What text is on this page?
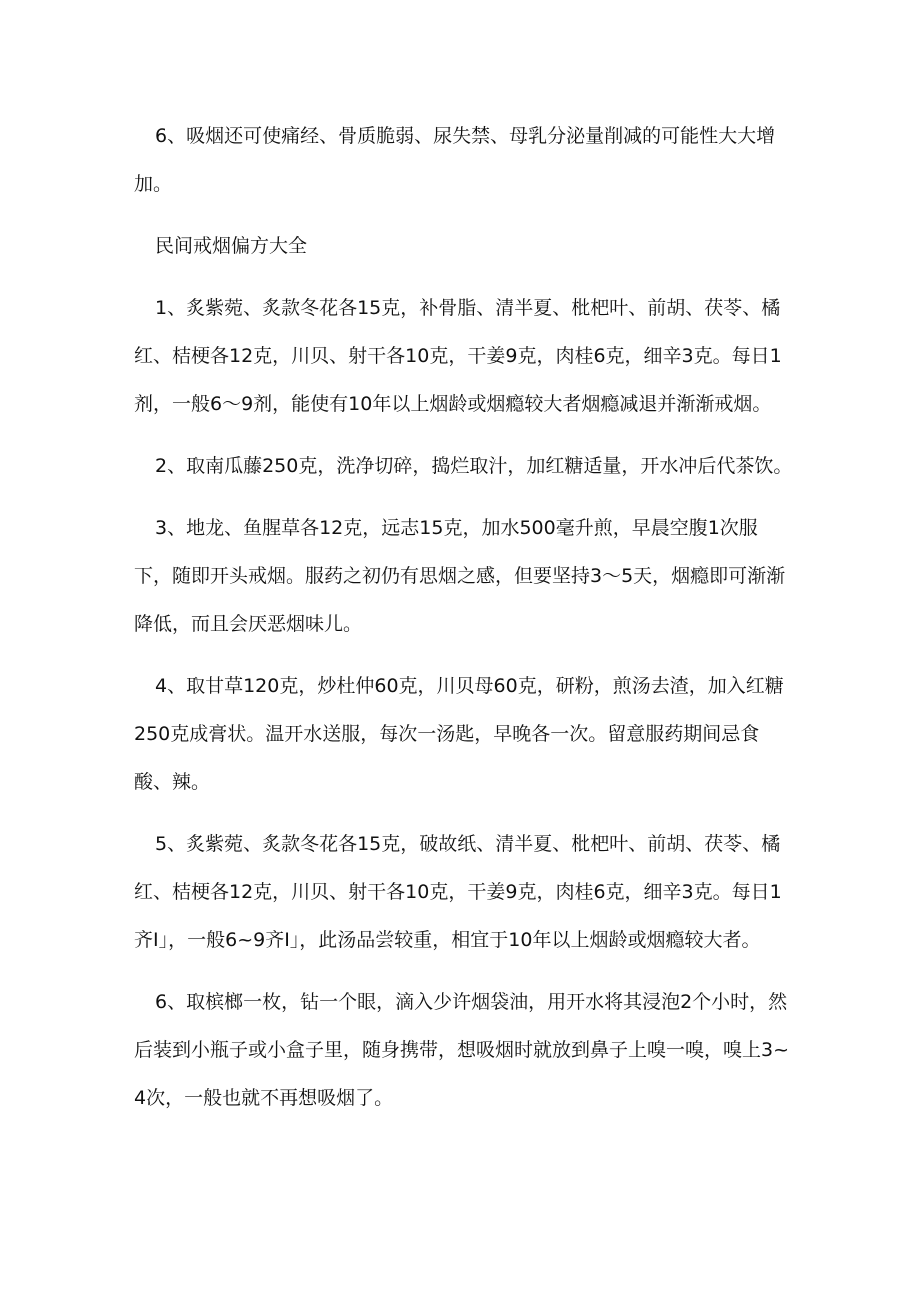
6、吸烟还可使痛经、骨质脆弱、尿失禁、母乳分泌量削减的可能性大大增加。

民间戒烟偏方大全

1、炙紫菀、炙款冬花各15克，补骨脂、清半夏、枇杷叶、前胡、茯苓、橘红、桔梗各12克，川贝、射干各10克，干姜9克，肉桂6克，细辛3克。每日1剂，一般6～9剂，能使有10年以上烟龄或烟瘾较大者烟瘾减退并渐渐戒烟。

2、取南瓜藤250克，洗净切碎，捣烂取汁，加红糖适量，开水冲后代茶饮。

3、地龙、鱼腥草各12克，远志15克，加水500毫升煎，早晨空腹1次服下，随即开头戒烟。服药之初仍有思烟之感，但要坚持3～5天，烟瘾即可渐渐降低，而且会厌恶烟味儿。

4、取甘草120克，炒杜仲60克，川贝母60克，研粉，煎汤去渣，加入红糖250克成膏状。温开水送服，每次一汤匙，早晚各一次。留意服药期间忌食酸、辣。

5、炙紫菀、炙款冬花各15克，破故纸、清半夏、枇杷叶、前胡、茯苓、橘红、桔梗各12克，川贝、射干各10克，干姜9克，肉桂6克，细辛3克。每日1齐I」，一般6~9齐I」，此汤品尝较重，相宜于10年以上烟龄或烟瘾较大者。

6、取槟榔一枚，钻一个眼，滴入少许烟袋油，用开水将其浸泡2个小时，然后装到小瓶子或小盒子里，随身携带，想吸烟时就放到鼻子上嗅一嗅，嗅上3~4次，一般也就不再想吸烟了。
